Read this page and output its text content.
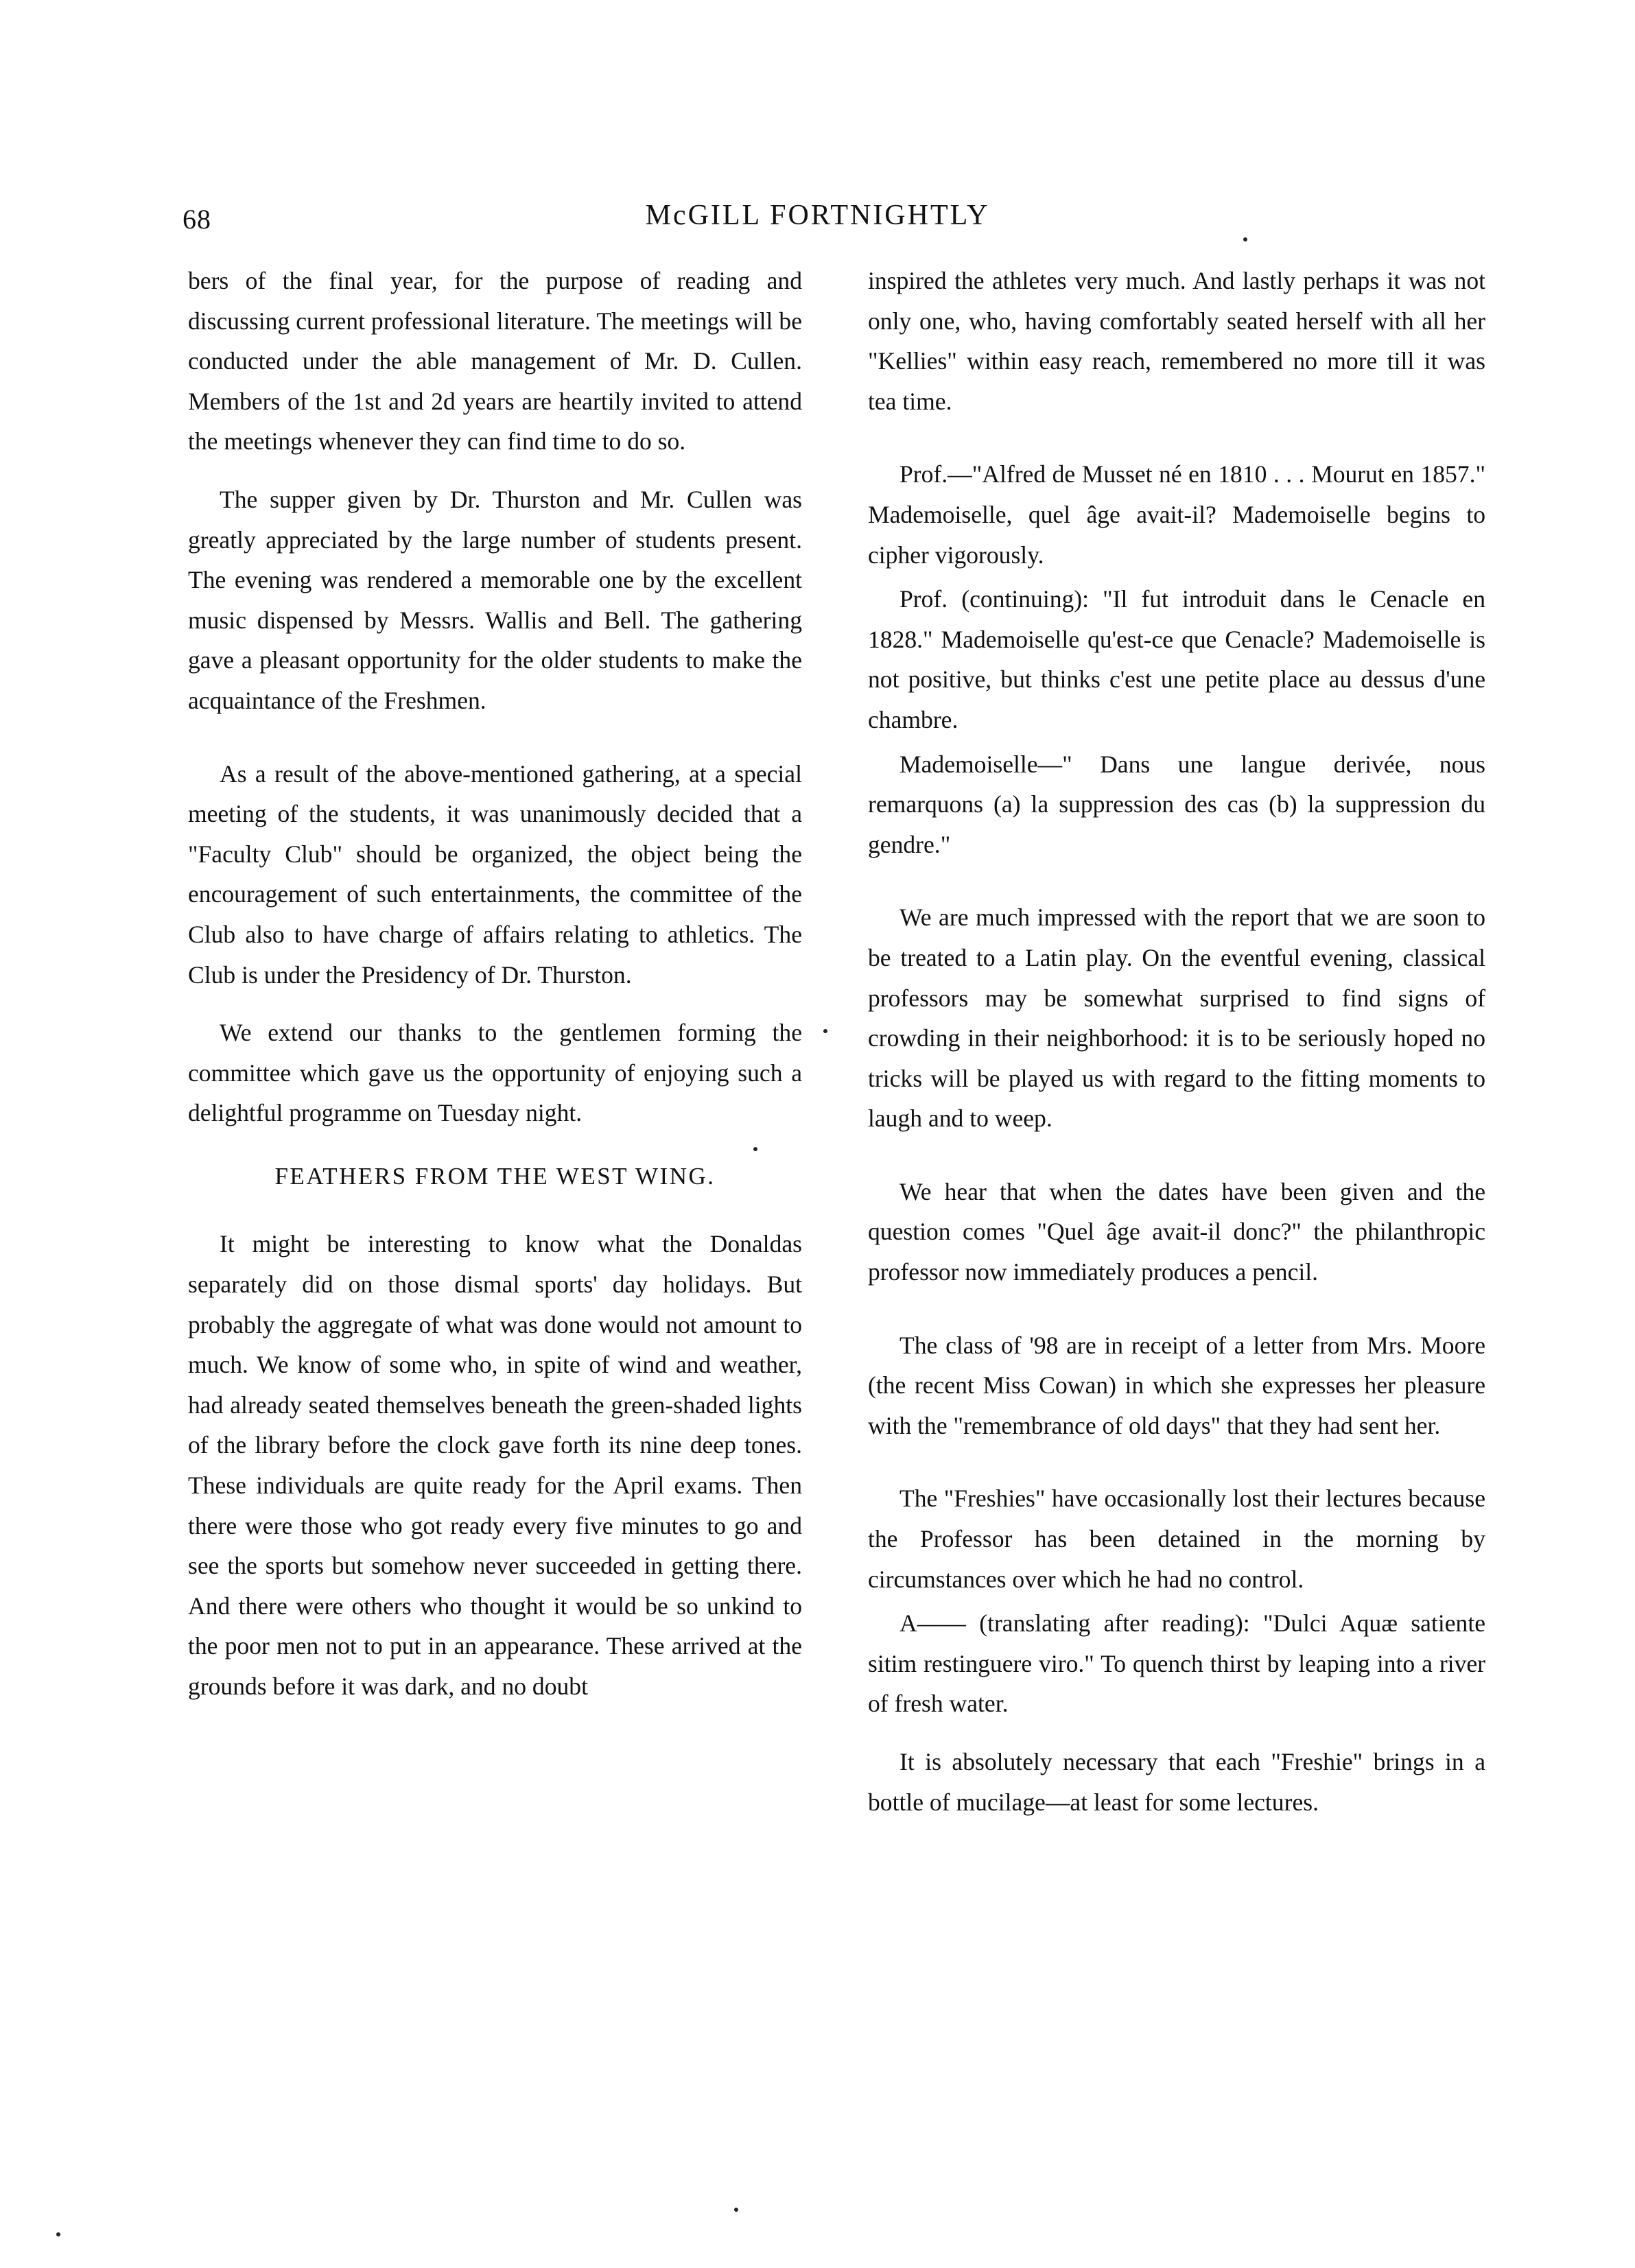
68	McGILL FORTNIGHTLY

bers of the final year, for the purpose of reading and discussing current professional literature. The meetings will be conducted under the able management of Mr. D. Cullen. Members of the 1st and 2d years are heartily invited to attend the meetings whenever they can find time to do so.

The supper given by Dr. Thurston and Mr. Cullen was greatly appreciated by the large number of students present. The evening was rendered a memorable one by the excellent music dispensed by Messrs. Wallis and Bell. The gathering gave a pleasant opportunity for the older students to make the acquaintance of the Freshmen.

As a result of the above-mentioned gathering, at a special meeting of the students, it was unanimously decided that a "Faculty Club" should be organized, the object being the encouragement of such entertainments, the committee of the Club also to have charge of affairs relating to athletics. The Club is under the Presidency of Dr. Thurston.

We extend our thanks to the gentlemen forming the committee which gave us the opportunity of enjoying such a delightful programme on Tuesday night.

FEATHERS FROM THE WEST WING.

It might be interesting to know what the Donaldas separately did on those dismal sports' day holidays. But probably the aggregate of what was done would not amount to much. We know of some who, in spite of wind and weather, had already seated themselves beneath the green-shaded lights of the library before the clock gave forth its nine deep tones. These individuals are quite ready for the April exams. Then there were those who got ready every five minutes to go and see the sports but somehow never succeeded in getting there. And there were others who thought it would be so unkind to the poor men not to put in an appearance. These arrived at the grounds before it was dark, and no doubt

inspired the athletes very much. And lastly perhaps it was not only one, who, having comfortably seated herself with all her "Kellies" within easy reach, remembered no more till it was tea time.

Prof.—"Alfred de Musset né en 1810 . . . Mourut en 1857." Mademoiselle, quel âge avait-il? Mademoiselle begins to cipher vigorously.

Prof. (continuing): "Il fut introduit dans le Cenacle en 1828." Mademoiselle qu'est-ce que Cenacle? Mademoiselle is not positive, but thinks c'est une petite place au dessus d'une chambre.

Mademoiselle—" Dans une langue derivée, nous remarquons (a) la suppression des cas (b) la suppression du gendre."

We are much impressed with the report that we are soon to be treated to a Latin play. On the eventful evening, classical professors may be somewhat surprised to find signs of crowding in their neighborhood: it is to be seriously hoped no tricks will be played us with regard to the fitting moments to laugh and to weep.

We hear that when the dates have been given and the question comes "Quel âge avait-il donc?" the philanthropic professor now immediately produces a pencil.

The class of '98 are in receipt of a letter from Mrs. Moore (the recent Miss Cowan) in which she expresses her pleasure with the "remembrance of old days" that they had sent her.

The "Freshies" have occasionally lost their lectures because the Professor has been detained in the morning by circumstances over which he had no control.

A—— (translating after reading): "Dulci Aquæ satiente sitim restinguere viro." To quench thirst by leaping into a river of fresh water.

It is absolutely necessary that each "Freshie" brings in a bottle of mucilage—at least for some lectures.
